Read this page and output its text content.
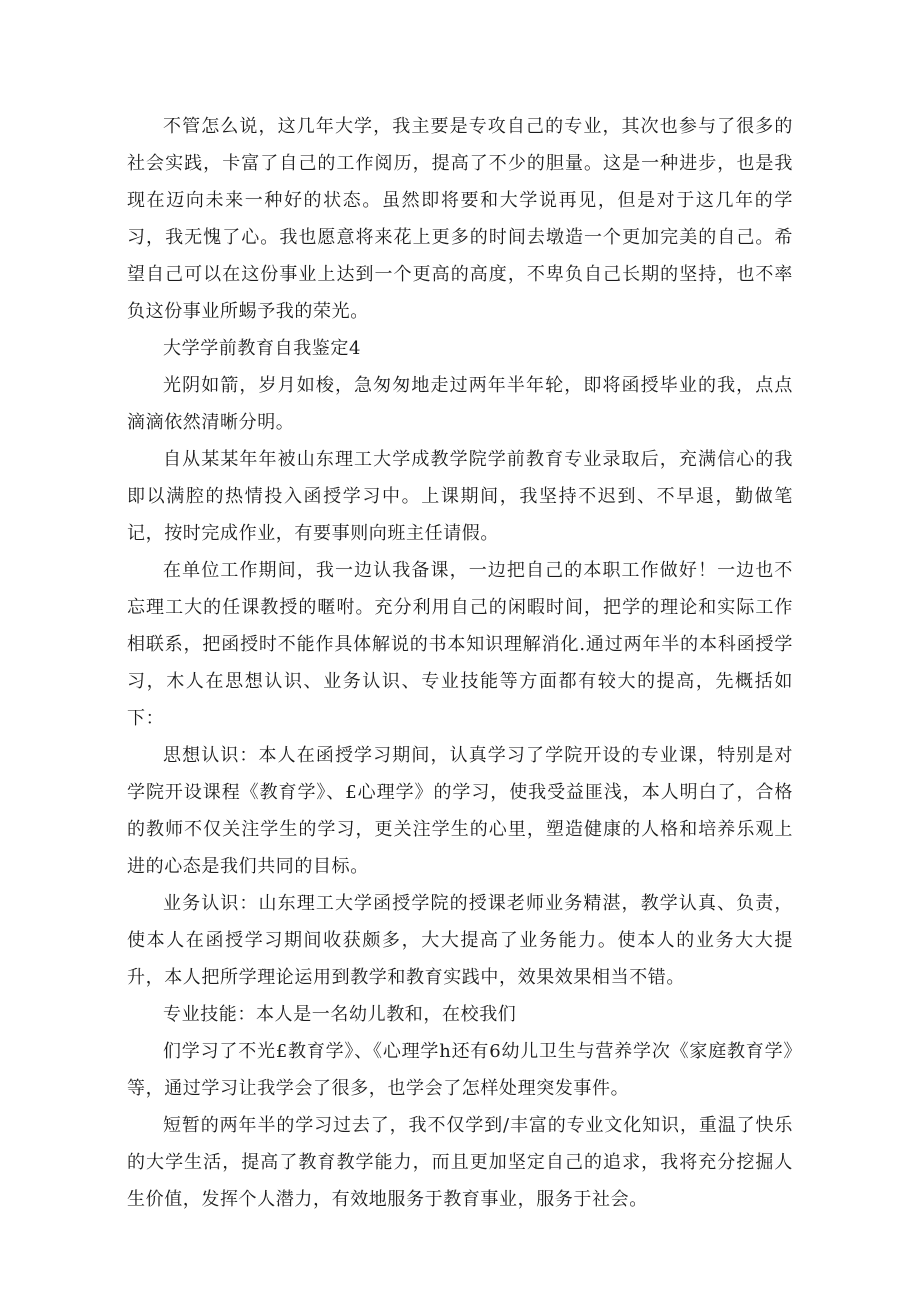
不管怎么说，这几年大学，我主要是专攻自己的专业，其次也参与了很多的社会实践，卡富了自己的工作阅历，提高了不少的胆量。这是一种进步，也是我现在迈向未来一种好的状态。虽然即将要和大学说再见，但是对于这几年的学习，我无愧了心。我也愿意将来花上更多的时间去墩造一个更加完美的自己。希望自己可以在这份事业上达到一个更高的高度，不卑负自己长期的坚持，也不率负这份事业所蜴予我的荣光。

大学学前教育自我鉴定4

光阴如箭，岁月如梭，急匆匆地走过两年半年轮，即将函授毕业的我，点点滴滴依然清晰分明。

自从某某年年被山东理工大学成教学院学前教育专业录取后，充满信心的我即以满腔的热情投入函授学习中。上课期间，我坚持不迟到、不早退，勤做笔记，按时完成作业，有要事则向班主任请假。

在单位工作期间，我一边认我备课，一边把自己的本职工作做好！一边也不忘理工大的任课教授的暱咐。充分利用自己的闲暇时间，把学的理论和实际工作相联系，把函授时不能作具体解说的书本知识理解消化.通过两年半的本科函授学习，木人在思想认识、业务认识、专业技能等方面都有较大的提高，先概括如下：

思想认识：本人在函授学习期间，认真学习了学院开设的专业课，特别是对学院开设课程《教育学》、£心理学》的学习，使我受益匪浅，本人明白了，合格的教师不仅关注学生的学习，更关注学生的心里，塑造健康的人格和培养乐观上进的心态是我们共同的目标。

业务认识：山东理工大学函授学院的授课老师业务精湛，教学认真、负责，使本人在函授学习期间收获颇多，大大提高了业务能力。使本人的业务大大提升，本人把所学理论运用到教学和教育实践中，效果效果相当不错。

专业技能：本人是一名幼儿教和，在校我们

们学习了不光£教育学》、《心理学h还有6幼儿卫生与营养学次《家庭教育学》等，通过学习让我学会了很多，也学会了怎样处理突发事件。

短暂的两年半的学习过去了，我不仅学到/丰富的专业文化知识，重温了快乐的大学生活，提高了教育教学能力，而且更加坚定自己的追求，我将充分挖掘人生价值，发挥个人潜力，有效地服务于教育事业，服务于社会。
